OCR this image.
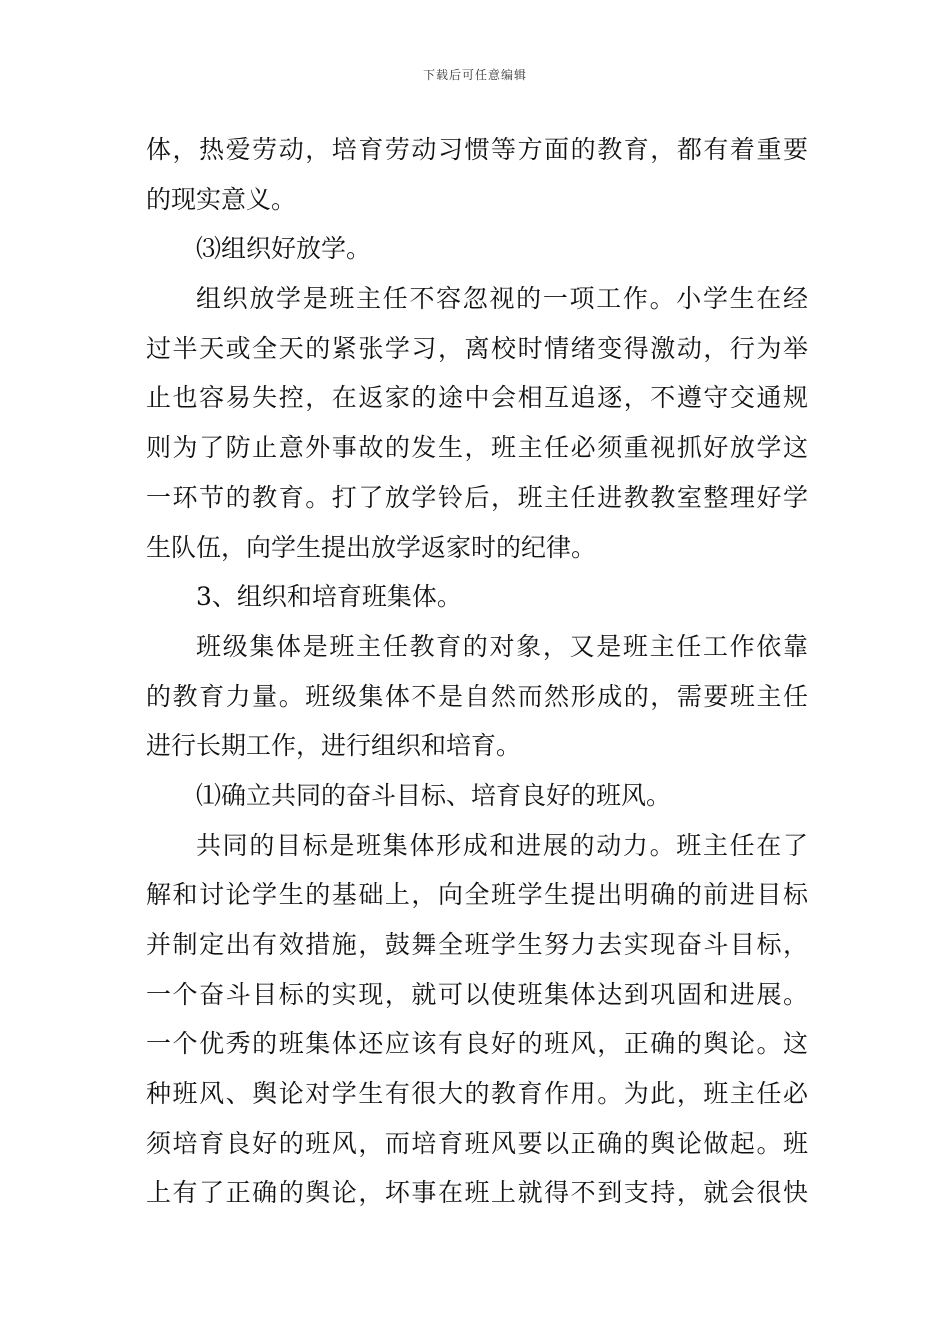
下载后可任意编辑
体，热爱劳动，培育劳动习惯等方面的教育，都有着重要
的现实意义。
⑶组织好放学。
组织放学是班主任不容忽视的一项工作。小学生在经
过半天或全天的紧张学习，离校时情绪变得激动，行为举
止也容易失控，在返家的途中会相互追逐，不遵守交通规
则为了防止意外事故的发生，班主任必须重视抓好放学这
一环节的教育。打了放学铃后，班主任进教教室整理好学
生队伍，向学生提出放学返家时的纪律。
3、组织和培育班集体。
班级集体是班主任教育的对象，又是班主任工作依靠
的教育力量。班级集体不是自然而然形成的，需要班主任
进行长期工作，进行组织和培育。
⑴确立共同的奋斗目标、培育良好的班风。
共同的目标是班集体形成和进展的动力。班主任在了
解和讨论学生的基础上，向全班学生提出明确的前进目标
并制定出有效措施，鼓舞全班学生努力去实现奋斗目标，
一个奋斗目标的实现，就可以使班集体达到巩固和进展。
一个优秀的班集体还应该有良好的班风，正确的舆论。这
种班风、舆论对学生有很大的教育作用。为此，班主任必
须培育良好的班风，而培育班风要以正确的舆论做起。班
上有了正确的舆论，坏事在班上就得不到支持，就会很快
